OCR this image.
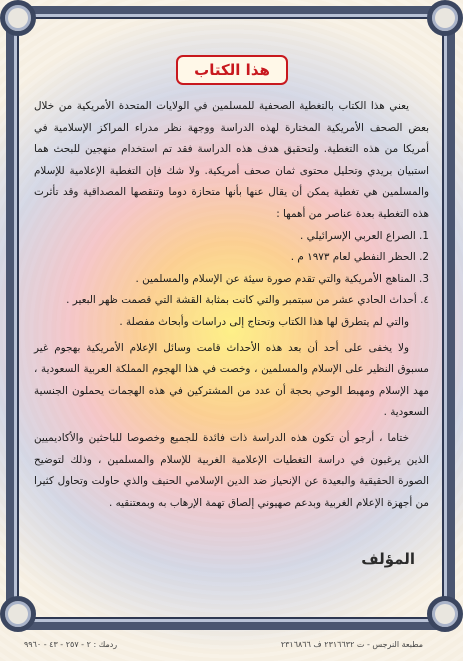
هذا الكتاب

يعني هذا الكتاب بالتغطية الصحفية للمسلمين في الولايات المتحدة الأمريكية من خلال بعض الصحف الأمريكية المختارة لهذه الدراسة ووجهة نظر مدراء المراكز الإسلامية في أمريكا من هذه التغطية. ولتحقيق هدف هذه الدراسة فقد تم استخدام منهجين للبحث هما استبيان بريدي وتحليل محتوى ثمان صحف أمريكية. ولا شك فإن التغطية الإعلامية للإسلام والمسلمين هي تغطية يمكن أن يقال عنها بأنها متحازة دوما وتنقصها المصداقية وقد تأثرت هذه التغطية بعدة عناصر من أهمها :

1. الصراع العربي الإسرائيلي .

2. الحظر النفطي لعام ١٩٧٣ م .

3. المناهج الأمريكية والتي تقدم صورة سيئة عن الإسلام والمسلمين .

٤. أحداث الحادي عشر من سبتمبر والتي كانت بمثابة القشة التي قصمت ظهر البعير .

والتي لم يتطرق لها هذا الكتاب وتحتاج إلى دراسات وأبحاث مفصلة .

ولا يخفى على أحد أن بعد هذه الأحداث قامت وسائل الإعلام الأمريكية بهجوم غير مسبوق النظير على الإسلام والمسلمين ، وخصت في هذا الهجوم المملكة العربية السعودية ، مهد الإسلام ومهبط الوحي بحجة أن عدد من المشتركين في هذه الهجمات يحملون الجنسية السعودية .

ختاما ، أرجو أن تكون هذه الدراسة ذات فائدة للجميع وخصوصا للباحثين والأكاديميين الذين يرغبون في دراسة التغطيات الإعلامية الغربية للإسلام والمسلمين ، وذلك لتوضيح الصورة الحقيقية والبعيدة عن الإنحياز ضد الدين الإسلامي الحنيف والذي حاولت وتحاول كثيرا من أجهزة الإعلام الغربية وبدعم صهيوني إلصاق تهمة الإرهاب به وبمعتنقيه .

المؤلف
ردمك : ٢ - ٢٥٧ - ٤٣ - ٩٩٦٠	مطبعة النرجس - ت ٢٣١٦٦٣٢ ف ٢٣١٦٨٦٦
